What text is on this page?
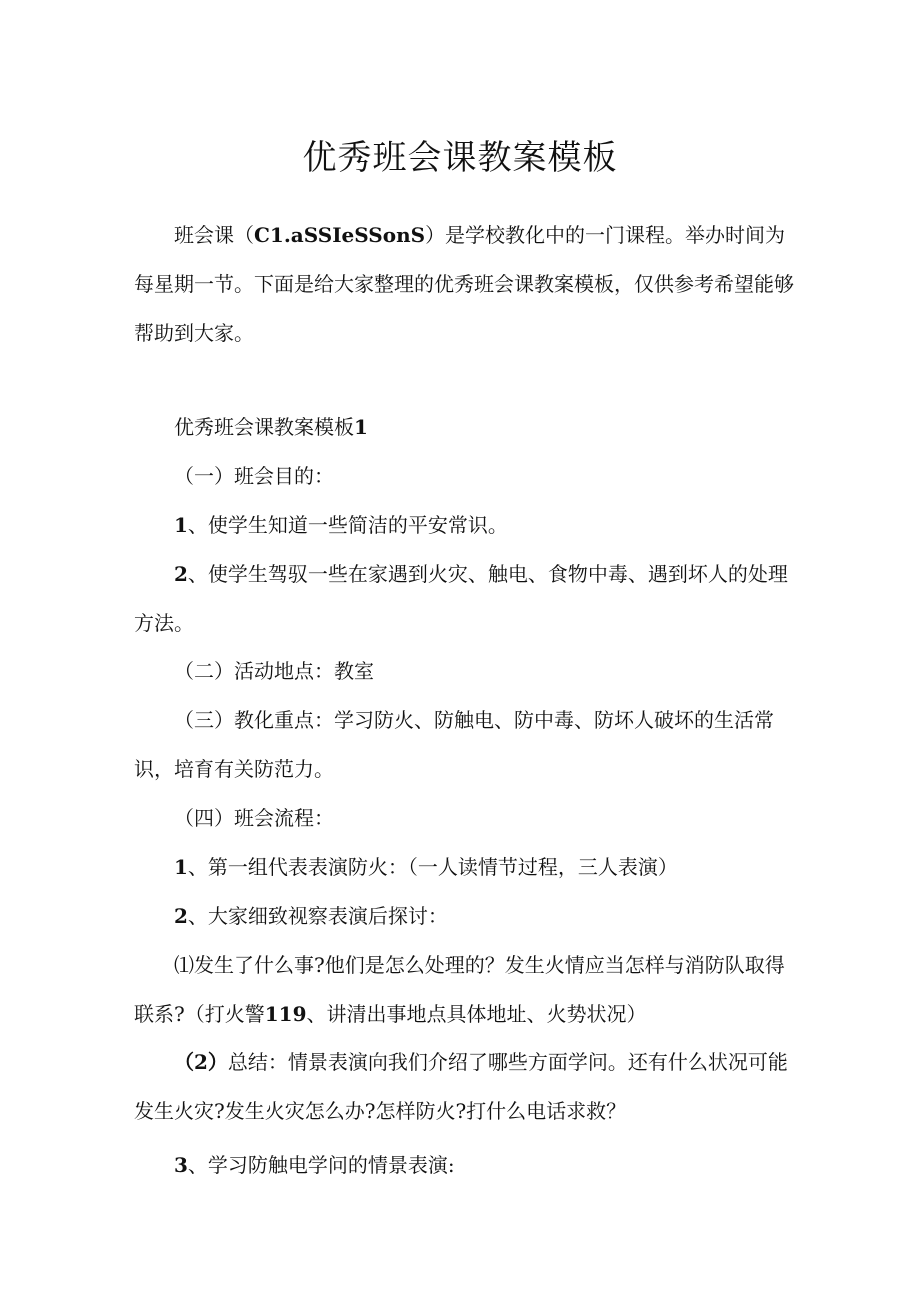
优秀班会课教案模板

班会课（C1.aSSIeSSonS）是学校教化中的一门课程。举办时间为每星期一节。下面是给大家整理的优秀班会课教案模板，仅供参考希望能够帮助到大家。

优秀班会课教案模板1

（一）班会目的：

1、使学生知道一些简洁的平安常识。

2、使学生驾驭一些在家遇到火灾、触电、食物中毒、遇到坏人的处理方法。

（二）活动地点：教室

（三）教化重点：学习防火、防触电、防中毒、防坏人破坏的生活常识，培育有关防范力。

（四）班会流程：

1、第一组代表表演防火：（一人读情节过程，三人表演）

2、大家细致视察表演后探讨：

⑴发生了什么事?他们是怎么处理的？发生火情应当怎样与消防队取得联系?（打火警119、讲清出事地点具体地址、火势状况）

（2）总结：情景表演向我们介绍了哪些方面学问。还有什么状况可能发生火灾?发生火灾怎么办?怎样防火?打什么电话求救？

3、学习防触电学问的情景表演:
